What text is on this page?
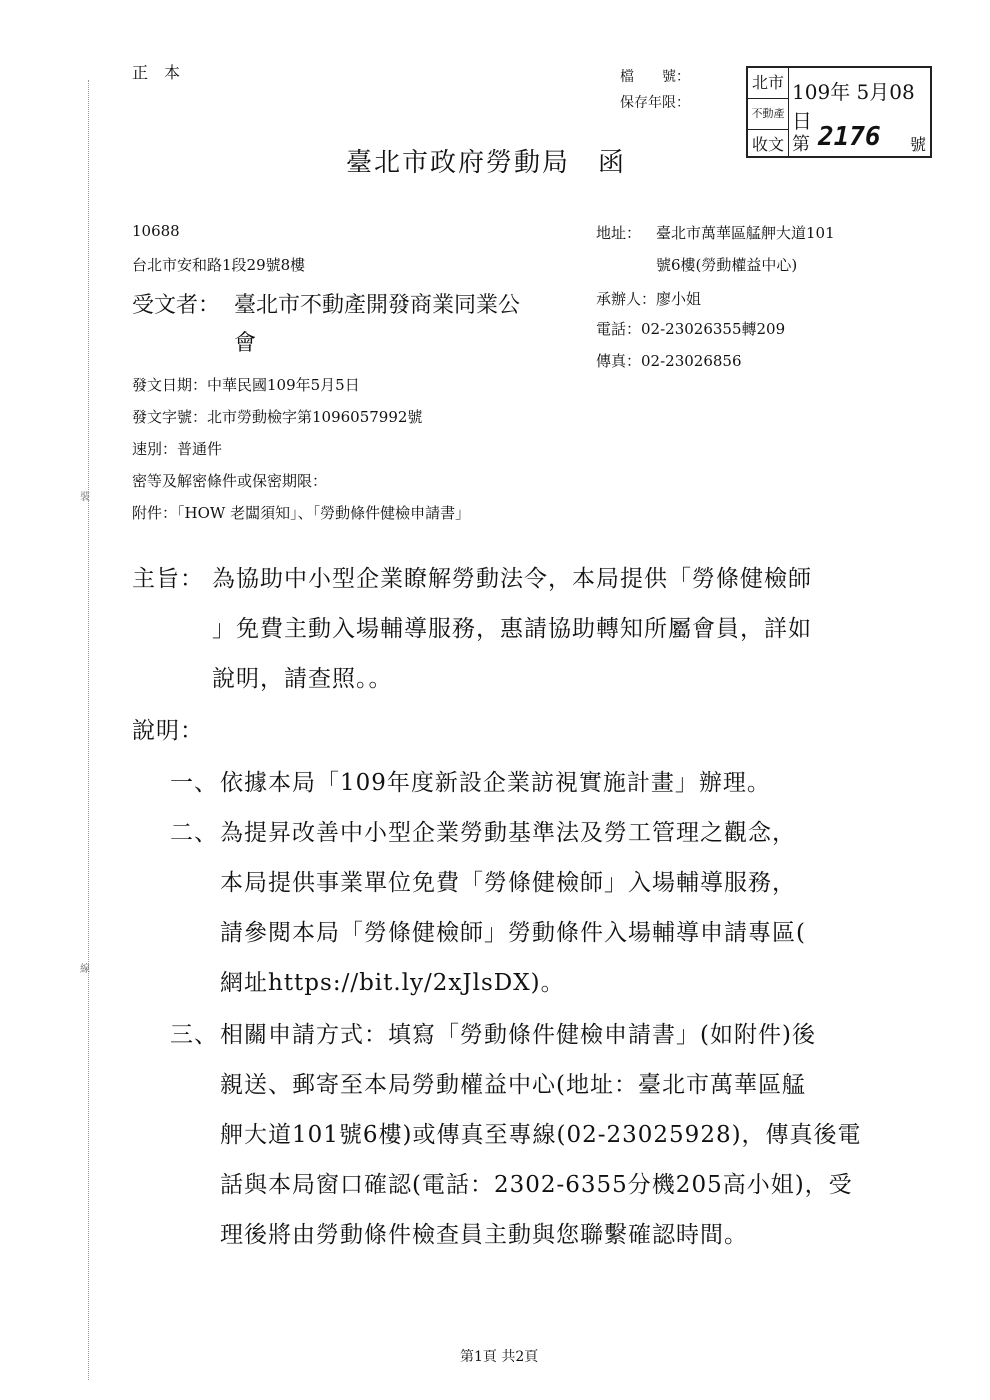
裝
線
正　本	檔　　號：
保存年限：
北市
不動產
收文
109年 5月08日
第 2176 號
臺北市政府勞動局　函
10688
台北市安和路1段29號8樓
地址： 臺北市萬華區艋舺大道101
號6樓(勞動權益中心)
承辦人：廖小姐
電話：02-23026355轉209
傳真：02-23026856
受文者： 臺北市不動產開發商業同業公
會
發文日期：中華民國109年5月5日
發文字號：北市勞動檢字第1096057992號
速別：普通件
密等及解密條件或保密期限：
附件：「HOW 老闆須知」、「勞動條件健檢申請書」
主旨： 為協助中小型企業瞭解勞動法令，本局提供「勞條健檢師
」免費主動入場輔導服務，惠請協助轉知所屬會員，詳如
說明，請查照。。
說明：
一、 依據本局「109年度新設企業訪視實施計畫」辦理。
二、 為提昇改善中小型企業勞動基準法及勞工管理之觀念，
本局提供事業單位免費「勞條健檢師」入場輔導服務，
請參閱本局「勞條健檢師」勞動條件入場輔導申請專區(
網址https://bit.ly/2xJlsDX)。
三、 相關申請方式：填寫「勞動條件健檢申請書」(如附件)後
親送、郵寄至本局勞動權益中心(地址：臺北市萬華區艋
舺大道101號6樓)或傳真至專線(02-23025928)，傳真後電
話與本局窗口確認(電話：2302-6355分機205高小姐)，受
理後將由勞動條件檢查員主動與您聯繫確認時間。
第1頁 共2頁
